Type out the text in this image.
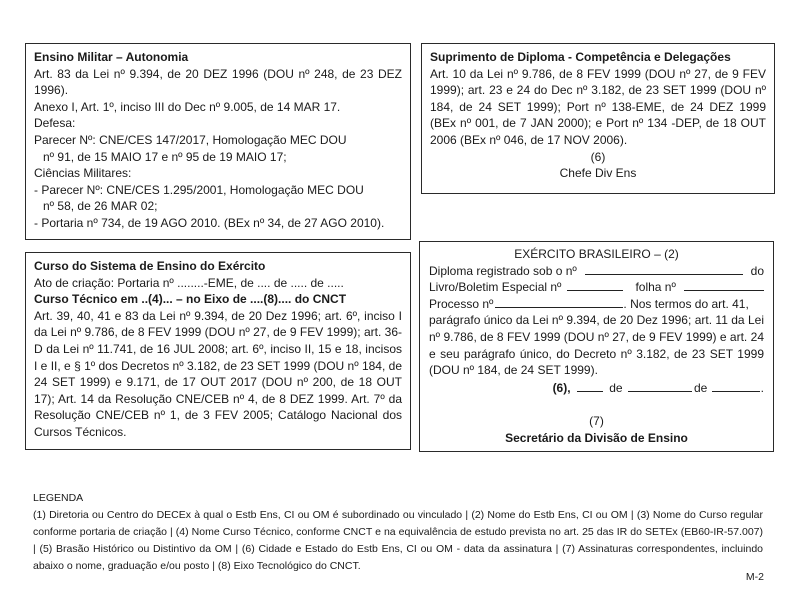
Ensino Militar – Autonomia

Art. 83 da Lei nº 9.394, de 20 DEZ 1996 (DOU nº 248, de 23 DEZ 1996).

Anexo I, Art. 1º, inciso III do Dec nº 9.005, de 14 MAR 17.

Defesa:

Parecer Nº: CNE/CES 147/2017, Homologação MEC DOU

nº 91, de 15 MAIO 17 e nº 95 de 19 MAIO 17;

Ciências Militares:

- Parecer Nº: CNE/CES 1.295/2001, Homologação MEC DOU

nº 58, de 26 MAR 02;

- Portaria nº 734, de 19 AGO 2010. (BEx nº 34, de 27 AGO 2010).

Suprimento de Diploma - Competência e Delegações

Art. 10 da Lei nº 9.786, de 8 FEV 1999 (DOU nº 27, de 9 FEV 1999); art. 23 e 24 do Dec nº 3.182, de 23 SET 1999 (DOU nº 184, de 24 SET 1999); Port nº 138-EME, de 24 DEZ 1999 (BEx nº 001, de 7 JAN 2000); e Port nº 134 -DEP, de 18 OUT 2006 (BEx nº 046, de 17 NOV 2006).

(6)

Chefe Div Ens

Curso do Sistema de Ensino do Exército

Ato de criação: Portaria nº ........-EME, de .... de ..... de .....

Curso Técnico em ..(4)... – no Eixo de ....(8).... do CNCT

Art. 39, 40, 41 e 83 da Lei nº 9.394, de 20 Dez 1996; art. 6º, inciso I da Lei nº 9.786, de 8 FEV 1999 (DOU nº 27, de 9 FEV 1999); art. 36-D da Lei nº 11.741, de 16 JUL 2008; art. 6º, inciso II, 15 e 18, incisos I e II, e § 1º dos Decretos nº 3.182, de 23 SET 1999 (DOU nº 184, de 24 SET 1999) e 9.171, de 17 OUT 2017 (DOU nº 200, de 18 OUT 17); Art. 14 da Resolução CNE/CEB nº 4, de 8 DEZ 1999. Art. 7º da Resolução CNE/CEB nº 1, de 3 FEV 2005; Catálogo Nacional dos Cursos Técnicos.

EXÉRCITO BRASILEIRO – (2)

Diploma registrado sob o nº	do

Livro/Boletim Especial nº	folha nº

Processo nº	. Nos termos do art. 41,

parágrafo único da Lei nº 9.394, de 20 Dez 1996; art. 11 da Lei nº 9.786, de 8 FEV 1999 (DOU nº 27, de 9 FEV 1999) e art. 24 e seu parágrafo único, do Decreto nº 3.182, de 23 SET 1999 (DOU nº 184, de 24 SET 1999).

(6),	de	de	.

(7)

Secretário da Divisão de Ensino

LEGENDA

(1) Diretoria ou Centro do DECEx à qual o Estb Ens, CI ou OM é subordinado ou vinculado | (2) Nome do Estb Ens, CI ou OM | (3) Nome do Curso regular conforme portaria de criação | (4) Nome Curso Técnico, conforme CNCT e na equivalência de estudo prevista no art. 25 das IR do SETEx (EB60-IR-57.007) | (5) Brasão Histórico ou Distintivo da OM | (6) Cidade e Estado do Estb Ens, CI ou OM - data da assinatura | (7) Assinaturas correspondentes, incluindo abaixo o nome, graduação e/ou posto | (8) Eixo Tecnológico do CNCT.

M-2
